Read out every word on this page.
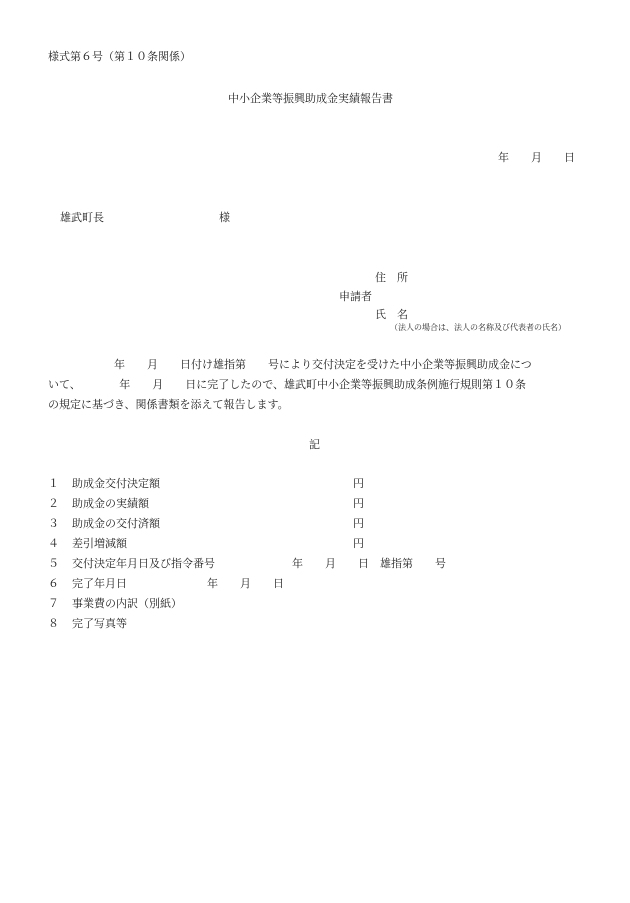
様式第６号（第１０条関係）
中小企業等振興助成金実績報告書
年　　月　　日
雄武町長	様
住　所
申請者
氏　名
（法人の場合は、法人の名称及び代表者の氏名）
　　　　　　年　　月　　日付け雄指第　　号により交付決定を受けた中小企業等振興助成金につ
いて、　　　　年　　月　　日に完了したので、雄武町中小企業等振興助成条例施行規則第１０条
の規定に基づき、関係書類を添えて報告します。
記
１ 助成金交付決定額	円
２ 助成金の実績額	円
３ 助成金の交付済額	円
４ 差引増減額	円
５ 交付決定年月日及び指令番号	年　　月　　日　雄指第　　号
６ 完了年月日	年　　月　　日
７ 事業費の内訳（別紙）
８ 完了写真等
